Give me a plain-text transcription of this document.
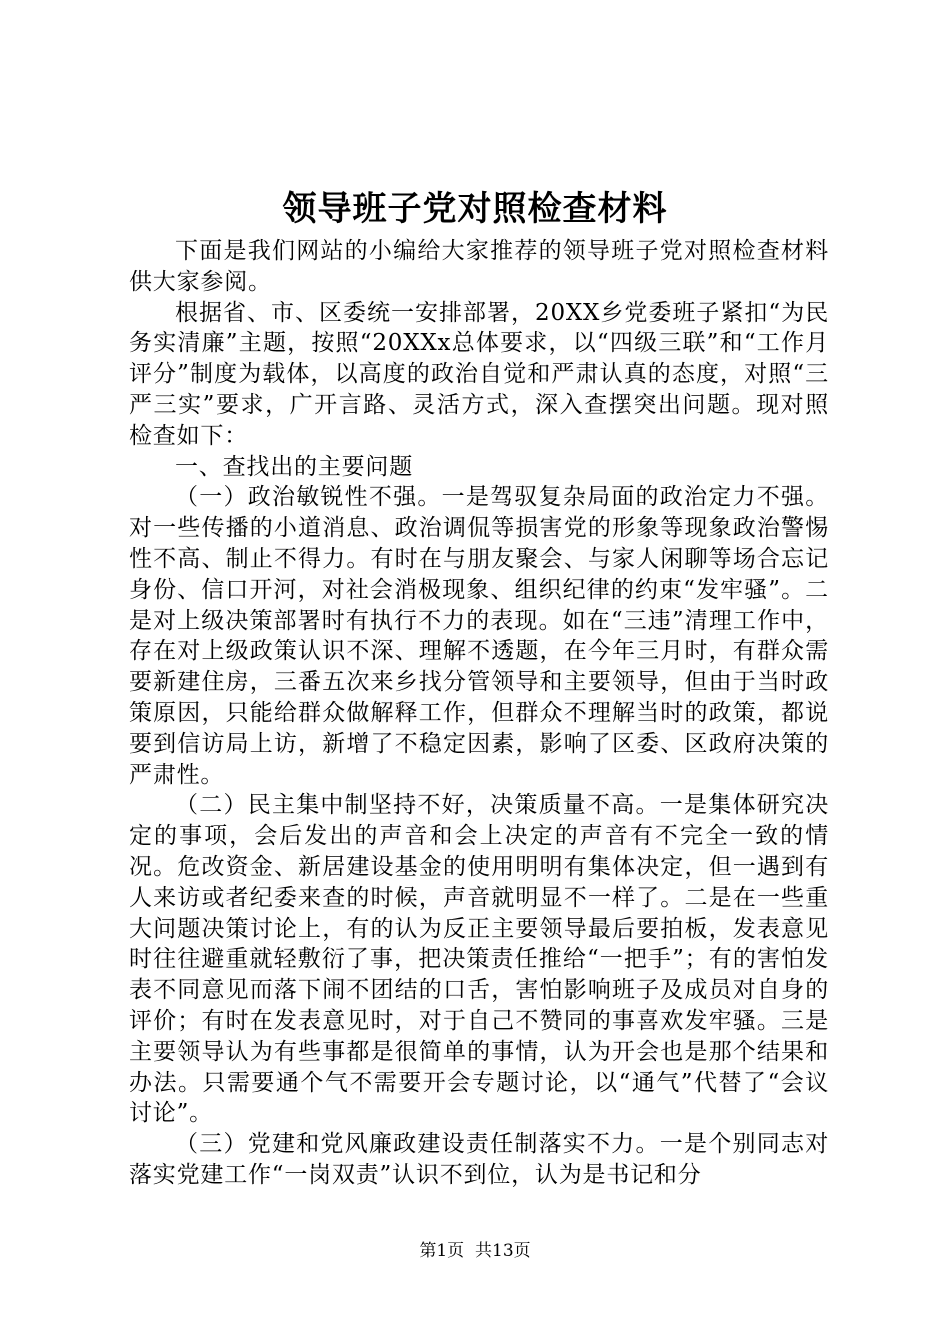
领导班子党对照检查材料

下面是我们网站的小编给大家推荐的领导班子党对照检查材料供大家参阅。

根据省、市、区委统一安排部署，20XX乡党委班子紧扣“为民务实清廉”主题，按照“20XXx总体要求，以“四级三联”和“工作月评分”制度为载体，以高度的政治自觉和严肃认真的态度，对照“三严三实”要求，广开言路、灵活方式，深入查摆突出问题。现对照检查如下：

一、查找出的主要问题

（一）政治敏锐性不强。一是驾驭复杂局面的政治定力不强。对一些传播的小道消息、政治调侃等损害党的形象等现象政治警惕性不高、制止不得力。有时在与朋友聚会、与家人闲聊等场合忘记身份、信口开河，对社会消极现象、组织纪律的约束“发牢骚”。二是对上级决策部署时有执行不力的表现。如在“三违”清理工作中，存在对上级政策认识不深、理解不透题，在今年三月时，有群众需要新建住房，三番五次来乡找分管领导和主要领导，但由于当时政策原因，只能给群众做解释工作，但群众不理解当时的政策，都说要到信访局上访，新增了不稳定因素，影响了区委、区政府决策的严肃性。

（二）民主集中制坚持不好，决策质量不高。一是集体研究决定的事项，会后发出的声音和会上决定的声音有不完全一致的情况。危改资金、新居建设基金的使用明明有集体决定，但一遇到有人来访或者纪委来查的时候，声音就明显不一样了。二是在一些重大问题决策讨论上，有的认为反正主要领导最后要拍板，发表意见时往往避重就轻敷衍了事，把决策责任推给“一把手”；有的害怕发表不同意见而落下闹不团结的口舌，害怕影响班子及成员对自身的评价；有时在发表意见时，对于自己不赞同的事喜欢发牢骚。三是主要领导认为有些事都是很简单的事情，认为开会也是那个结果和办法。只需要通个气不需要开会专题讨论，以“通气”代替了“会议讨论”。

（三）党建和党风廉政建设责任制落实不力。一是个别同志对落实党建工作“一岗双责”认识不到位，认为是书记和分

第1页 共13页
